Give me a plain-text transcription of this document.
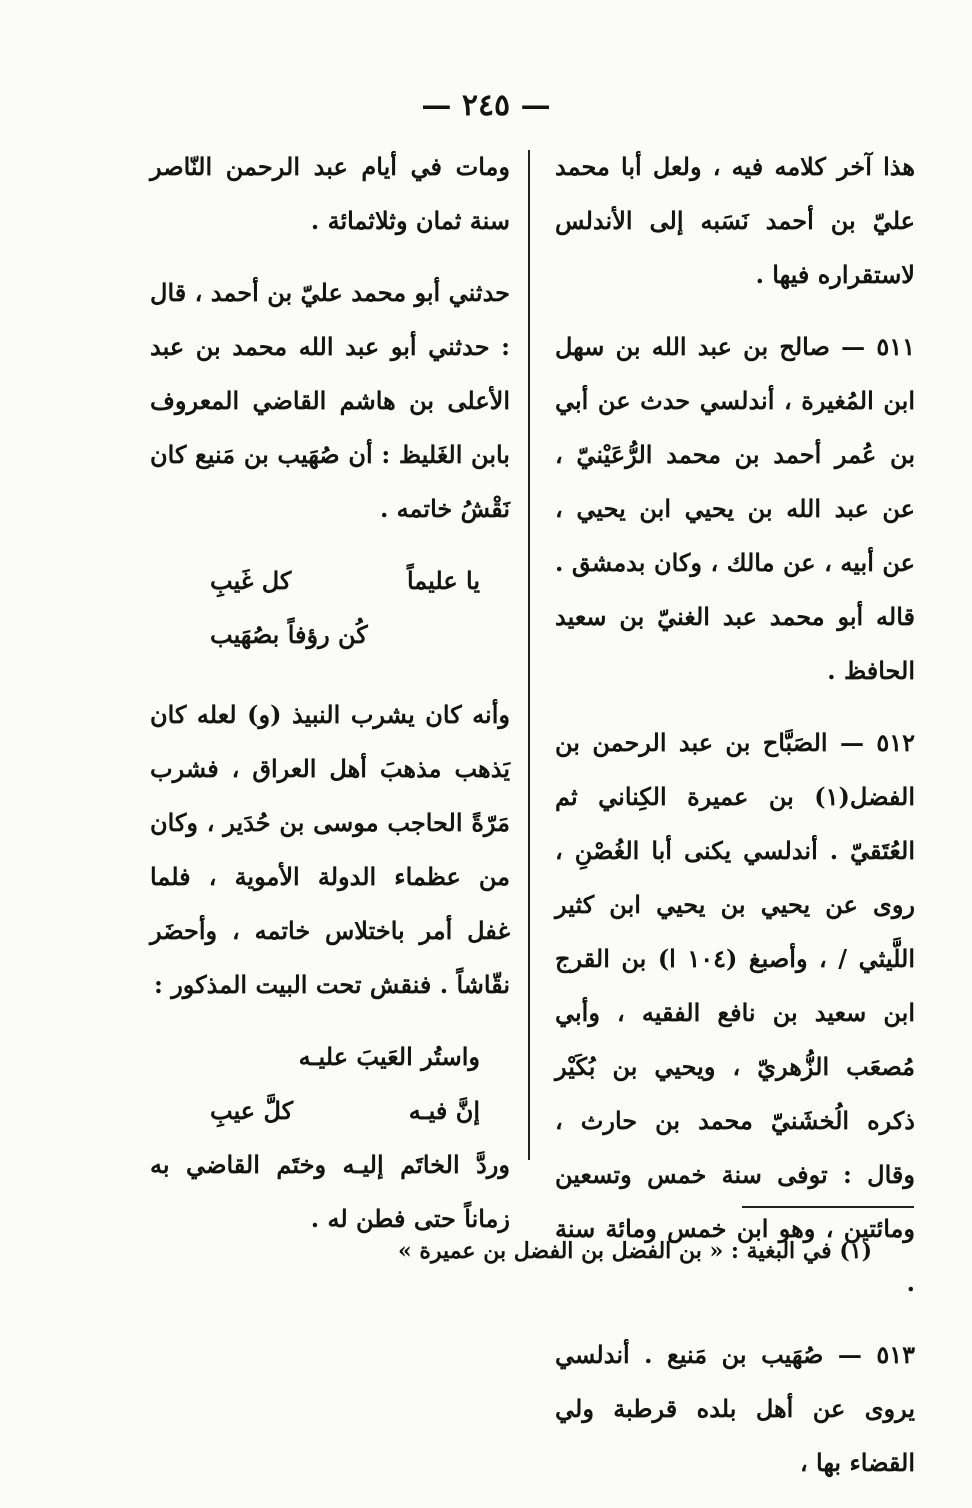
— ٢٤٥ —

هذا آخر كلامه فيه ، ولعل أبا محمد عليّ بن أحمد نَسَبه إلى الأندلس لاستقراره فيها .

٥١١ — صالح بن عبد الله بن سهل ابن المُغيرة ، أندلسي حدث عن أبي بن عُمر أحمد بن محمد الرُّعَيْنيّ ، عن عبد الله بن يحيي ابن يحيي ، عن أبيه ، عن مالك ، وكان بدمشق . قاله أبو محمد عبد الغنيّ بن سعيد الحافظ .

٥١٢ — الصَبَّاح بن عبد الرحمن بن الفضل(١) بن عميرة الكِناني ثم العُتَقيّ . أندلسي يكنى أبا الغُصْنِ ، روى عن يحيي بن يحيي ابن كثير اللَّيثي / ، وأصبغ (١٠٤ ا) بن القرج ابن سعيد بن نافع الفقيه ، وأبي مُصعَب الزُّهريّ ، ويحيي بن بُكَيْر ذكره الُخشَنيّ محمد بن حارث ، وقال : توفى سنة خمس وتسعين ومائتين ، وهو ابن خمس ومائة سنة .

٥١٣ — صُهَيب بن مَنيع . أندلسي يروى عن أهل بلده قرطبة ولي القضاء بها ،

ومات في أيام عبد الرحمن النّاصر سنة ثمان وثلاثمائة .

حدثني أبو محمد عليّ بن أحمد ، قال : حدثني أبو عبد الله محمد بن عبد الأعلى بن هاشم القاضي المعروف بابن الغَليظ : أن صُهَيب بن مَنيع كان نَقْشُ خاتمه .

يا عليماً
كل غَيبِ
كُن رؤفاً بصُهَيب

وأنه كان يشرب النبيذ (و) لعله كان يَذهب مذهبَ أهل العراق ، فشرب مَرّةً الحاجب موسى بن حُدَير ، وكان من عظماء الدولة الأموية ، فلما غفل أمر باختلاس خاتمه ، وأحضَر نقّاشاً . فنقش تحت البيت المذكور :

واستُر العَيبَ عليـه
إنَّ فيـه
كلَّ عيبِ

وردَّ الخاتَم إليـه وختَم القاضي به زماناً حتى فطن له .

(١) في البغية : « بن الفضل بن الفضل بن عميرة »
